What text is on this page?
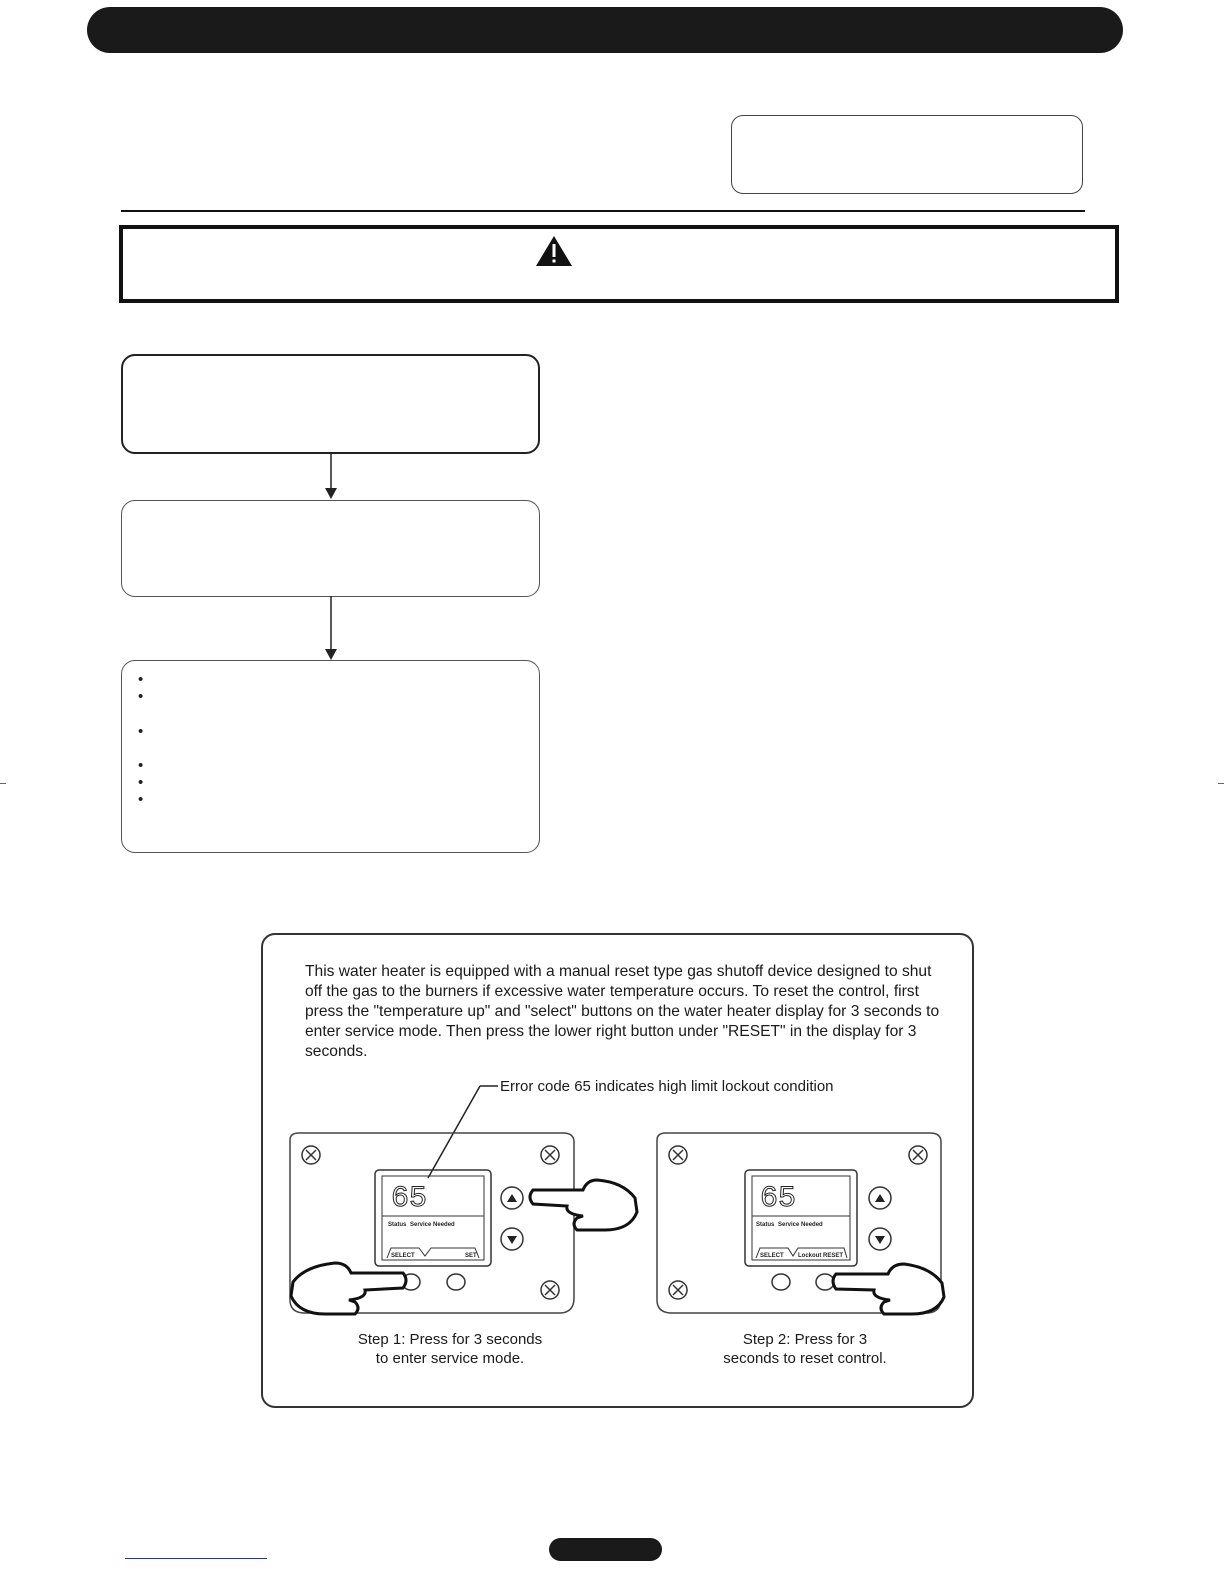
•
•
•
•
•
•

This water heater is equipped with a manual reset type gas shutoff device designed to shut off the gas to the burners if excessive water temperature occurs. To reset the control, first press the "temperature up" and "select" buttons on the water heater display for 3 seconds to enter service mode. Then press the lower right button under "RESET" in the display for 3 seconds.

Error code 65 indicates high limit lockout condition
65
Status Service Needed
SELECT	SET
65
Status Service Needed
SELECT Lockout RESET

Step 1: Press for 3 seconds
to enter service mode.

Step 2: Press for 3
seconds to reset control.
